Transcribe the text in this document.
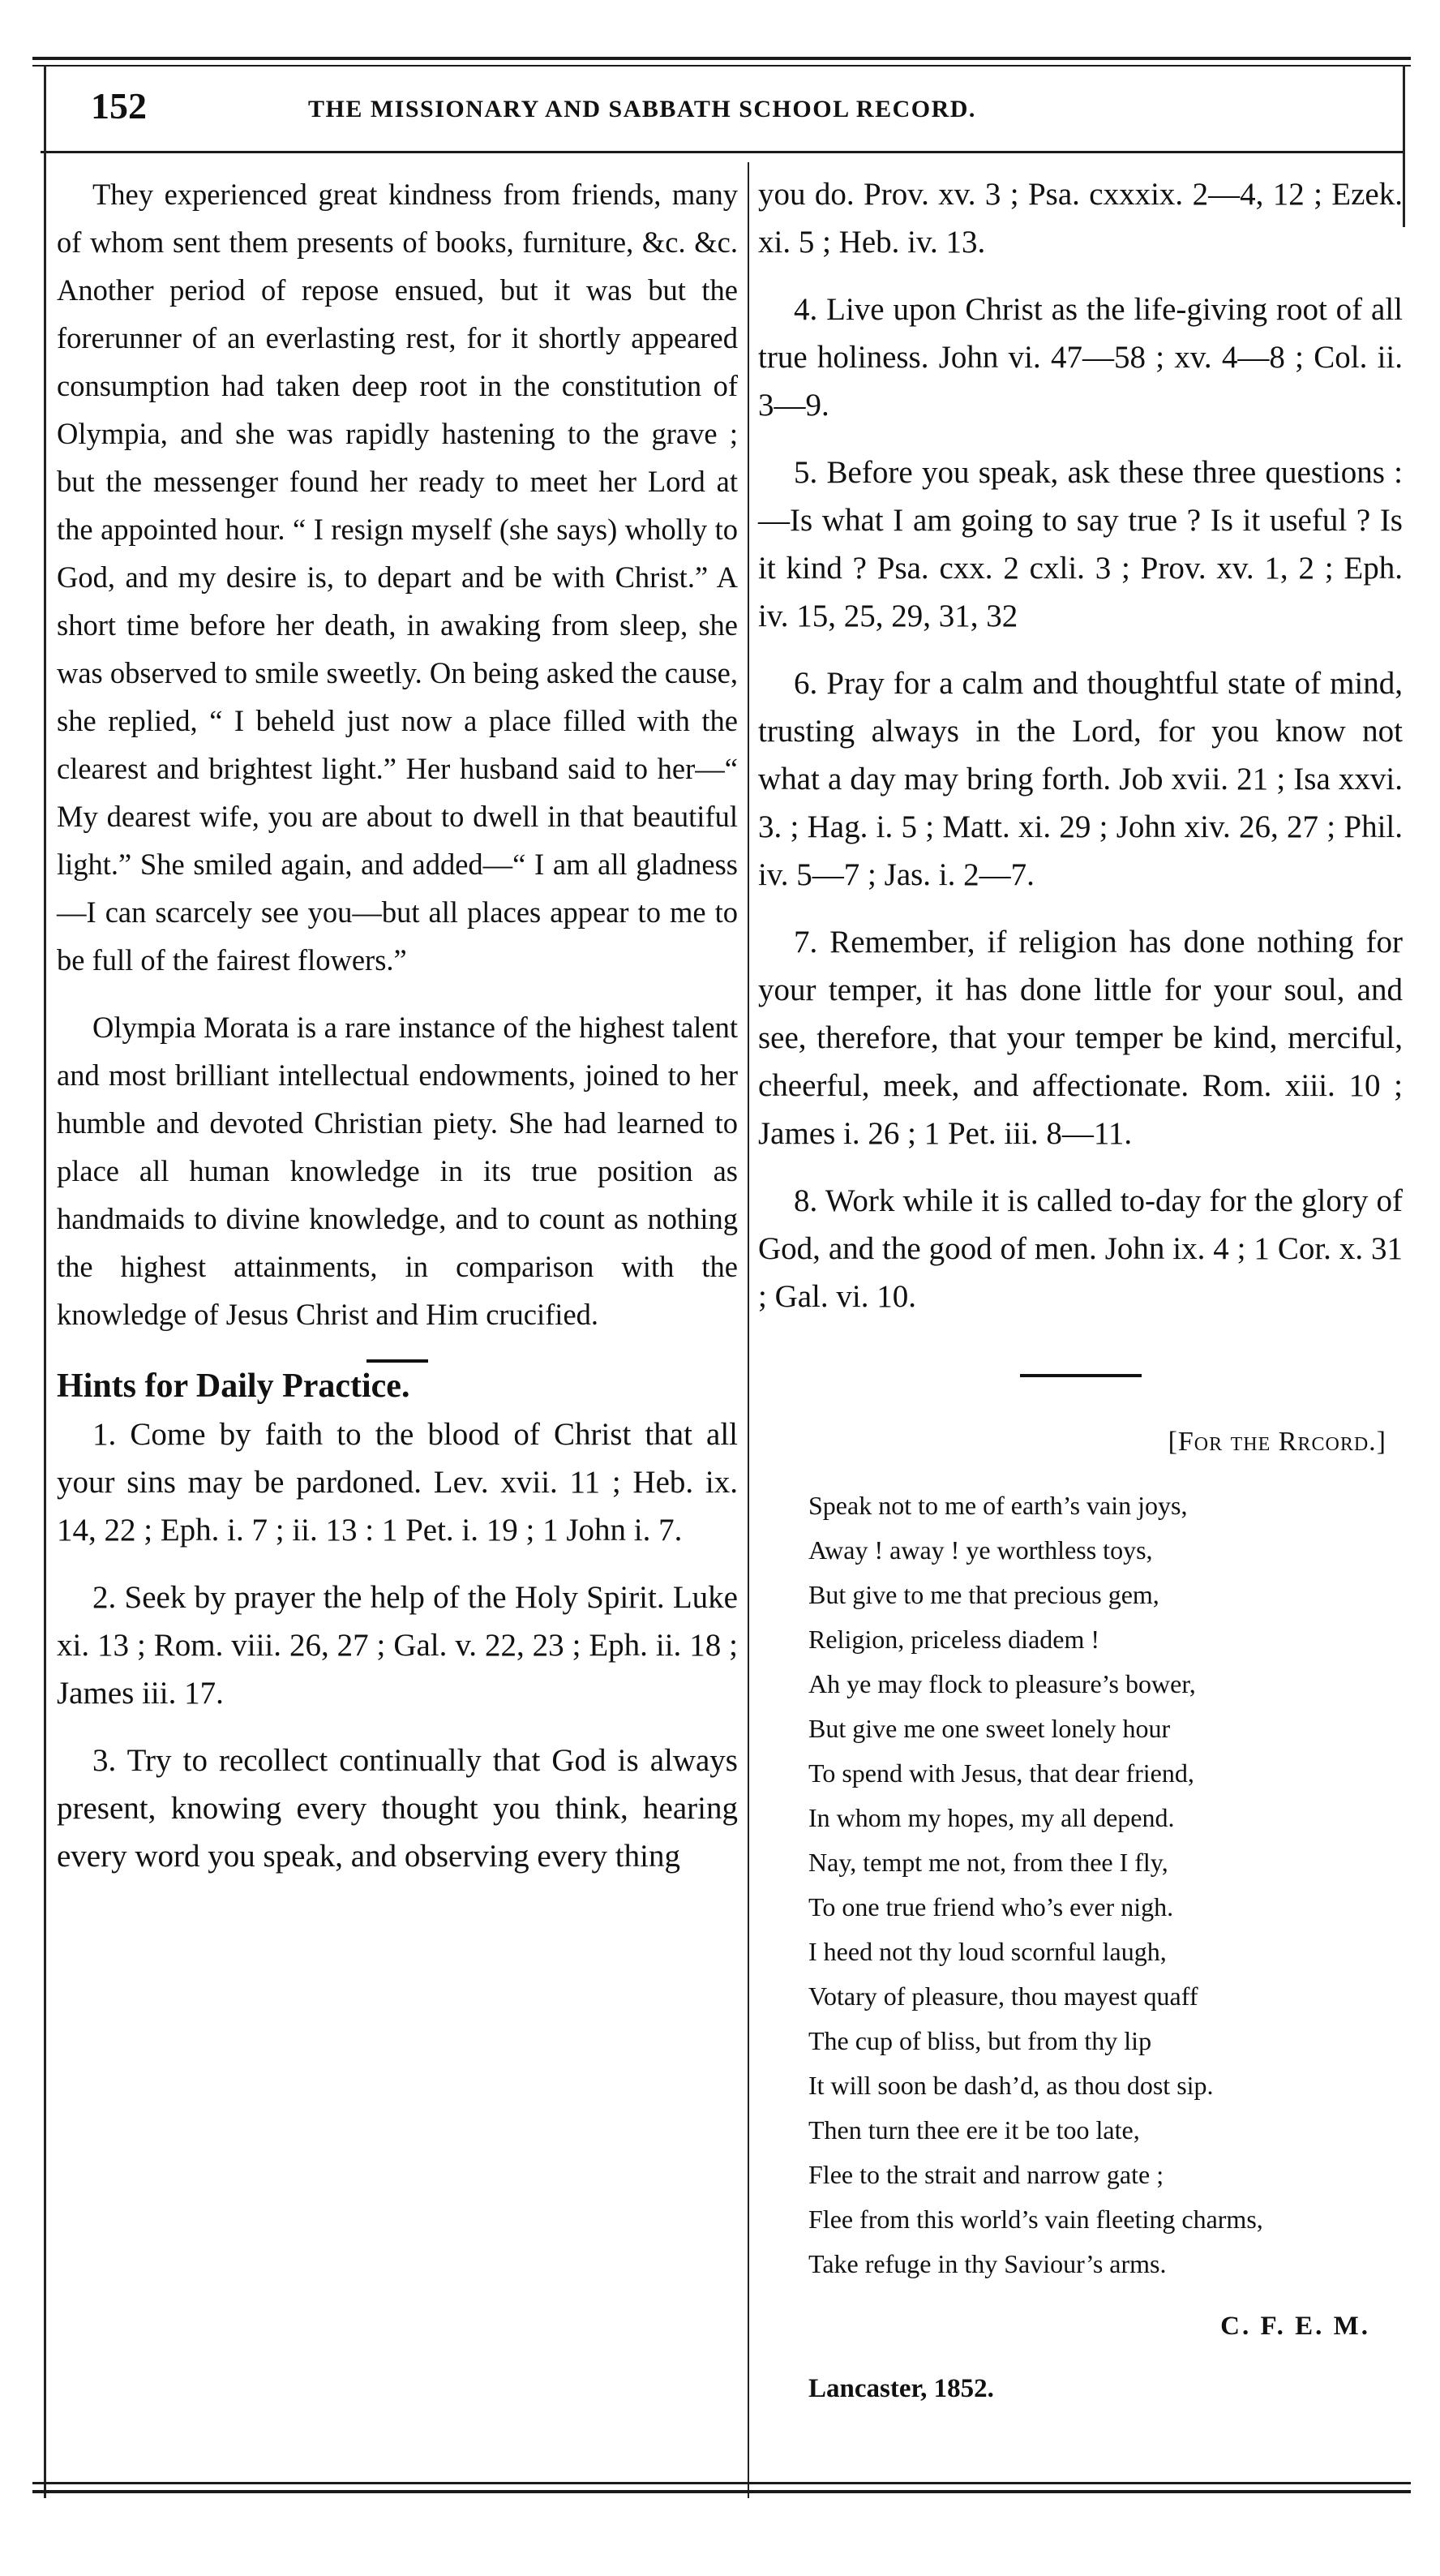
152	THE MISSIONARY AND SABBATH SCHOOL RECORD.

They experienced great kindness from friends, many of whom sent them presents of books, furniture, &c. &c. Another period of repose ensued, but it was but the forerunner of an everlasting rest, for it shortly appeared consumption had taken deep root in the constitution of Olympia, and she was rapidly hastening to the grave ; but the messenger found her ready to meet her Lord at the appointed hour. “ I resign myself (she says) wholly to God, and my desire is, to depart and be with Christ.” A short time before her death, in awaking from sleep, she was observed to smile sweetly. On being asked the cause, she replied, “ I beheld just now a place filled with the clearest and brightest light.” Her husband said to her—“ My dearest wife, you are about to dwell in that beautiful light.” She smiled again, and added—“ I am all gladness—I can scarcely see you—but all places appear to me to be full of the fairest flowers.”

Olympia Morata is a rare instance of the highest talent and most brilliant intellectual endowments, joined to her humble and devoted Christian piety. She had learned to place all human knowledge in its true position as handmaids to divine knowledge, and to count as nothing the highest attainments, in comparison with the knowledge of Jesus Christ and Him crucified.

Hints for Daily Practice.

1. Come by faith to the blood of Christ that all your sins may be pardoned. Lev. xvii. 11 ; Heb. ix. 14, 22 ; Eph. i. 7 ; ii. 13 : 1 Pet. i. 19 ; 1 John i. 7.

2. Seek by prayer the help of the Holy Spirit. Luke xi. 13 ; Rom. viii. 26, 27 ; Gal. v. 22, 23 ; Eph. ii. 18 ; James iii. 17.

3. Try to recollect continually that God is always present, knowing every thought you think, hearing every word you speak, and observing every thing

you do. Prov. xv. 3 ; Psa. cxxxix. 2—4, 12 ; Ezek. xi. 5 ; Heb. iv. 13.

4. Live upon Christ as the life-giving root of all true holiness. John vi. 47—58 ; xv. 4—8 ; Col. ii. 3—9.

5. Before you speak, ask these three questions :—Is what I am going to say true ? Is it useful ? Is it kind ? Psa. cxx. 2 cxli. 3 ; Prov. xv. 1, 2 ; Eph. iv. 15, 25, 29, 31, 32

6. Pray for a calm and thoughtful state of mind, trusting always in the Lord, for you know not what a day may bring forth. Job xvii. 21 ; Isa xxvi. 3. ; Hag. i. 5 ; Matt. xi. 29 ; John xiv. 26, 27 ; Phil. iv. 5—7 ; Jas. i. 2—7.

7. Remember, if religion has done nothing for your temper, it has done little for your soul, and see, therefore, that your temper be kind, merciful, cheerful, meek, and affectionate. Rom. xiii. 10 ; James i. 26 ; 1 Pet. iii. 8—11.

8. Work while it is called to-day for the glory of God, and the good of men. John ix. 4 ; 1 Cor. x. 31 ; Gal. vi. 10.

[For the Rrcord.]
Speak not to me of earth’s vain joys,
Away ! away ! ye worthless toys,
But give to me that precious gem,
Religion, priceless diadem !
Ah ye may flock to pleasure’s bower,
But give me one sweet lonely hour
To spend with Jesus, that dear friend,
In whom my hopes, my all depend.
Nay, tempt me not, from thee I fly,
To one true friend who’s ever nigh.
I heed not thy loud scornful laugh,
Votary of pleasure, thou mayest quaff
The cup of bliss, but from thy lip
It will soon be dash’d, as thou dost sip.
Then turn thee ere it be too late,
Flee to the strait and narrow gate ;
Flee from this world’s vain fleeting charms,
Take refuge in thy Saviour’s arms.
C. F. E. M.
Lancaster, 1852.
